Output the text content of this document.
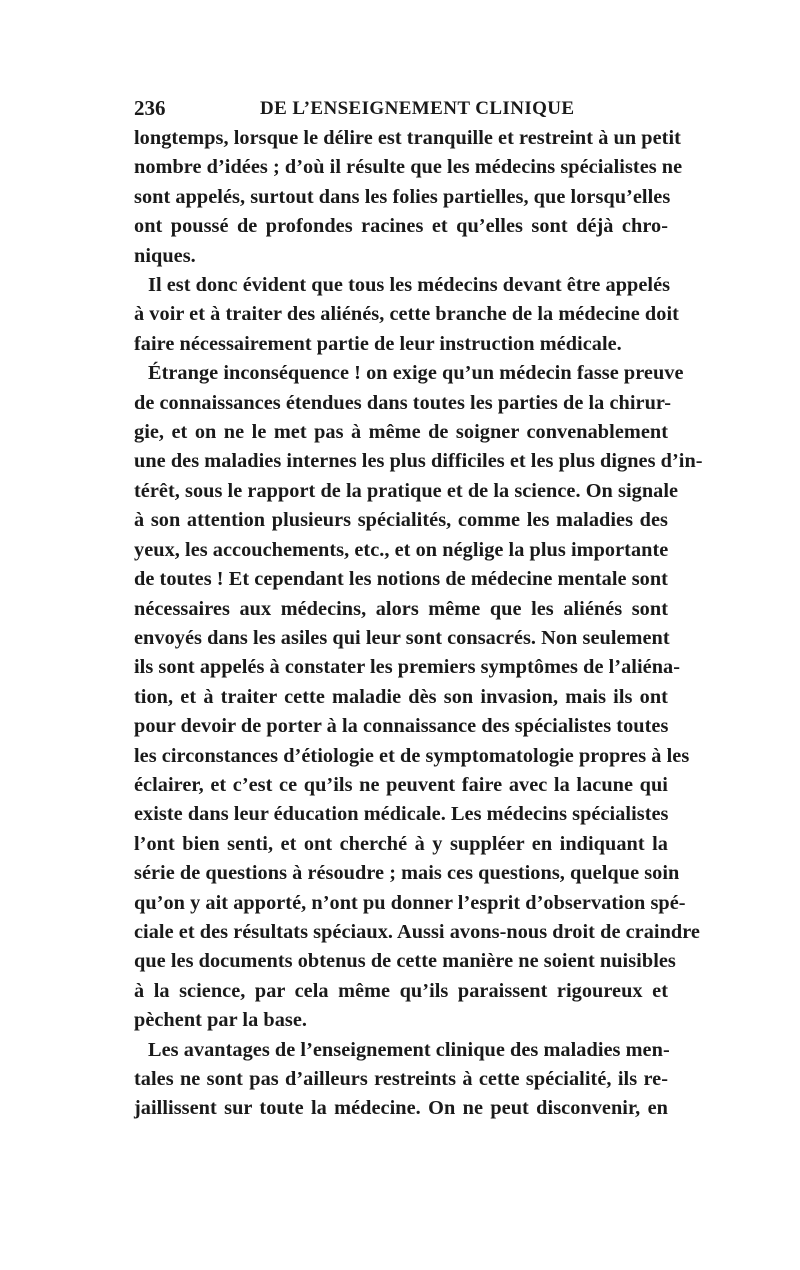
236	DE L’ENSEIGNEMENT CLINIQUE
longtemps, lorsque le délire est tranquille et restreint à un petit
nombre d’idées ; d’où il résulte que les médecins spécialistes ne
sont appelés, surtout dans les folies partielles, que lorsqu’elles
ont poussé de profondes racines et qu’elles sont déjà chro-
niques.
Il est donc évident que tous les médecins devant être appelés
à voir et à traiter des aliénés, cette branche de la médecine doit
faire nécessairement partie de leur instruction médicale.
Étrange inconséquence ! on exige qu’un médecin fasse preuve
de connaissances étendues dans toutes les parties de la chirur-
gie, et on ne le met pas à même de soigner convenablement
une des maladies internes les plus difficiles et les plus dignes d’in-
térêt, sous le rapport de la pratique et de la science. On signale
à son attention plusieurs spécialités, comme les maladies des
yeux, les accouchements, etc., et on néglige la plus importante
de toutes ! Et cependant les notions de médecine mentale sont
nécessaires aux médecins, alors même que les aliénés sont
envoyés dans les asiles qui leur sont consacrés. Non seulement
ils sont appelés à constater les premiers symptômes de l’aliéna-
tion, et à traiter cette maladie dès son invasion, mais ils ont
pour devoir de porter à la connaissance des spécialistes toutes
les circonstances d’étiologie et de symptomatologie propres à les
éclairer, et c’est ce qu’ils ne peuvent faire avec la lacune qui
existe dans leur éducation médicale. Les médecins spécialistes
l’ont bien senti, et ont cherché à y suppléer en indiquant la
série de questions à résoudre ; mais ces questions, quelque soin
qu’on y ait apporté, n’ont pu donner l’esprit d’observation spé-
ciale et des résultats spéciaux. Aussi avons-nous droit de craindre
que les documents obtenus de cette manière ne soient nuisibles
à la science, par cela même qu’ils paraissent rigoureux et
pèchent par la base.
Les avantages de l’enseignement clinique des maladies men-
tales ne sont pas d’ailleurs restreints à cette spécialité, ils re-
jaillissent sur toute la médecine. On ne peut disconvenir, en
